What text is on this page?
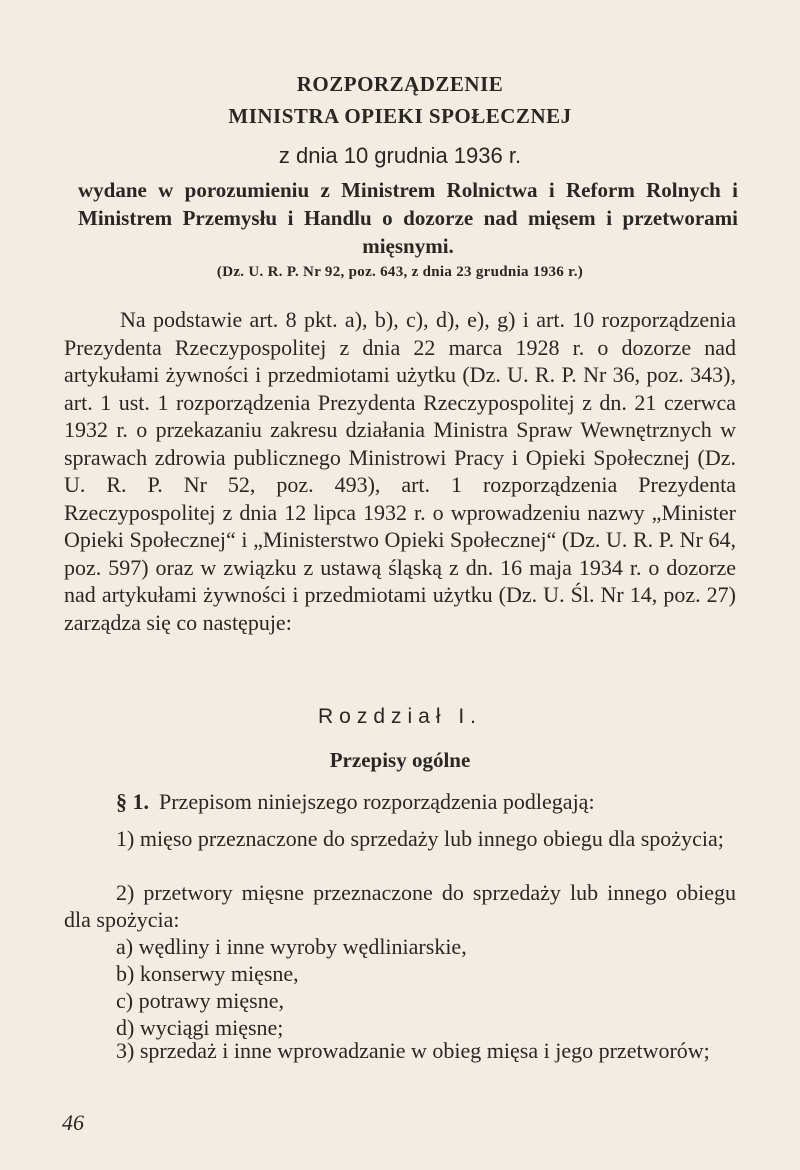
ROZPORZĄDZENIE
MINISTRA OPIEKI SPOŁECZNEJ
z dnia 10 grudnia 1936 r.
wydane w porozumieniu z Ministrem Rolnictwa i Reform Rolnych i Ministrem Przemysłu i Handlu o dozorze nad mięsem i przetworami mięsnymi.
(Dz. U. R. P. Nr 92, poz. 643, z dnia 23 grudnia 1936 r.)
Na podstawie art. 8 pkt. a), b), c), d), e), g) i art. 10 rozporządzenia Prezydenta Rzeczypospolitej z dnia 22 marca 1928 r. o dozorze nad artykułami żywności i przedmiotami użytku (Dz. U. R. P. Nr 36, poz. 343), art. 1 ust. 1 rozporządzenia Prezydenta Rzeczypospolitej z dn. 21 czerwca 1932 r. o przekazaniu zakresu działania Ministra Spraw Wewnętrznych w sprawach zdrowia publicznego Ministrowi Pracy i Opieki Społecznej (Dz. U. R. P. Nr 52, poz. 493), art. 1 rozporządzenia Prezydenta Rzeczypospolitej z dnia 12 lipca 1932 r. o wprowadzeniu nazwy „Minister Opieki Społecznej“ i „Ministerstwo Opieki Społecznej“ (Dz. U. R. P. Nr 64, poz. 597) oraz w związku z ustawą śląską z dn. 16 maja 1934 r. o dozorze nad artykułami żywności i przedmiotami użytku (Dz. U. Śl. Nr 14, poz. 27) zarządza się co następuje:
Rozdział I.
Przepisy ogólne
§ 1. Przepisom niniejszego rozporządzenia podlegają:
1) mięso przeznaczone do sprzedaży lub innego obiegu dla spożycia;
2) przetwory mięsne przeznaczone do sprzedaży lub innego obiegu dla spożycia:
a) wędliny i inne wyroby wędliniarskie,
b) konserwy mięsne,
c) potrawy mięsne,
d) wyciągi mięsne;
3) sprzedaż i inne wprowadzanie w obieg mięsa i jego przetworów;
46
